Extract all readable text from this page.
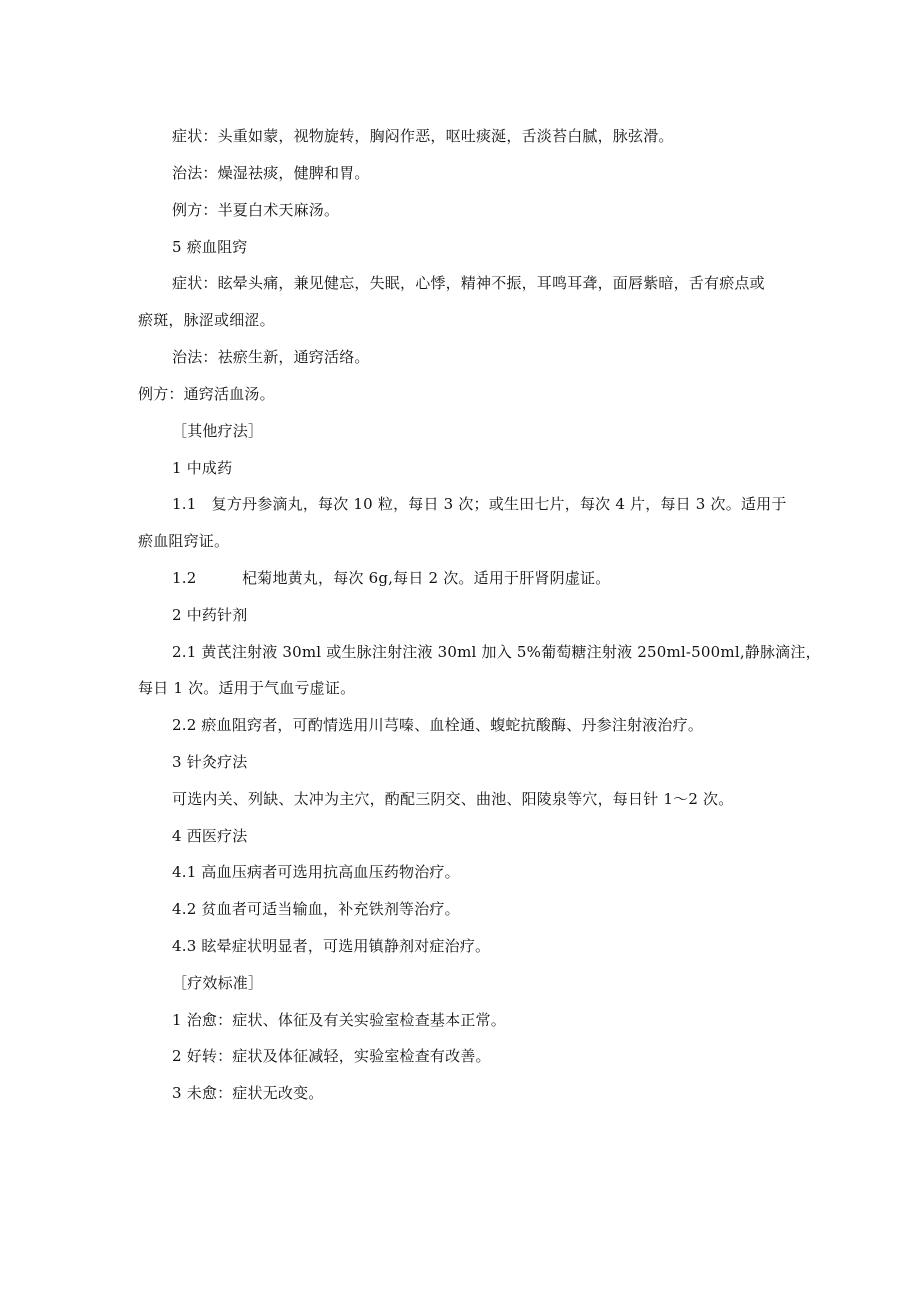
症状：头重如蒙，视物旋转，胸闷作恶，呕吐痰涎，舌淡苔白腻，脉弦滑。

治法：燥湿祛痰，健脾和胃。

例方：半夏白术天麻汤。

5 瘀血阻窍

症状：眩晕头痛，兼见健忘，失眠，心悸，精神不振，耳鸣耳聋，面唇紫暗，舌有瘀点或

瘀斑，脉涩或细涩。

治法：祛瘀生新，通窍活络。

例方：通窍活血汤。

［其他疗法］

1 中成药

1.1　复方丹参滴丸，每次 10 粒，每日 3 次；或生田七片，每次 4 片，每日 3 次。适用于

瘀血阻窍证。

1.2　　　杞菊地黄丸，每次 6g,每日 2 次。适用于肝肾阴虚证。

2 中药针剂

2.1 黄芪注射液 30ml 或生脉注射注液 30ml 加入 5%葡萄糖注射液 250ml-500ml,静脉滴注，

每日 1 次。适用于气血亏虚证。

2.2 瘀血阻窍者，可酌情选用川芎嗪、血栓通、蝮蛇抗酸酶、丹参注射液治疗。

3 针灸疗法

可选内关、列缺、太冲为主穴，酌配三阴交、曲池、阳陵泉等穴，每日针 1～2 次。

4 西医疗法

4.1 高血压病者可选用抗高血压药物治疗。

4.2 贫血者可适当输血，补充铁剂等治疗。

4.3 眩晕症状明显者，可选用镇静剂对症治疗。

［疗效标准］

1 治愈：症状、体征及有关实验室检查基本正常。

2 好转：症状及体征减轻，实验室检查有改善。

3 未愈：症状无改变。
